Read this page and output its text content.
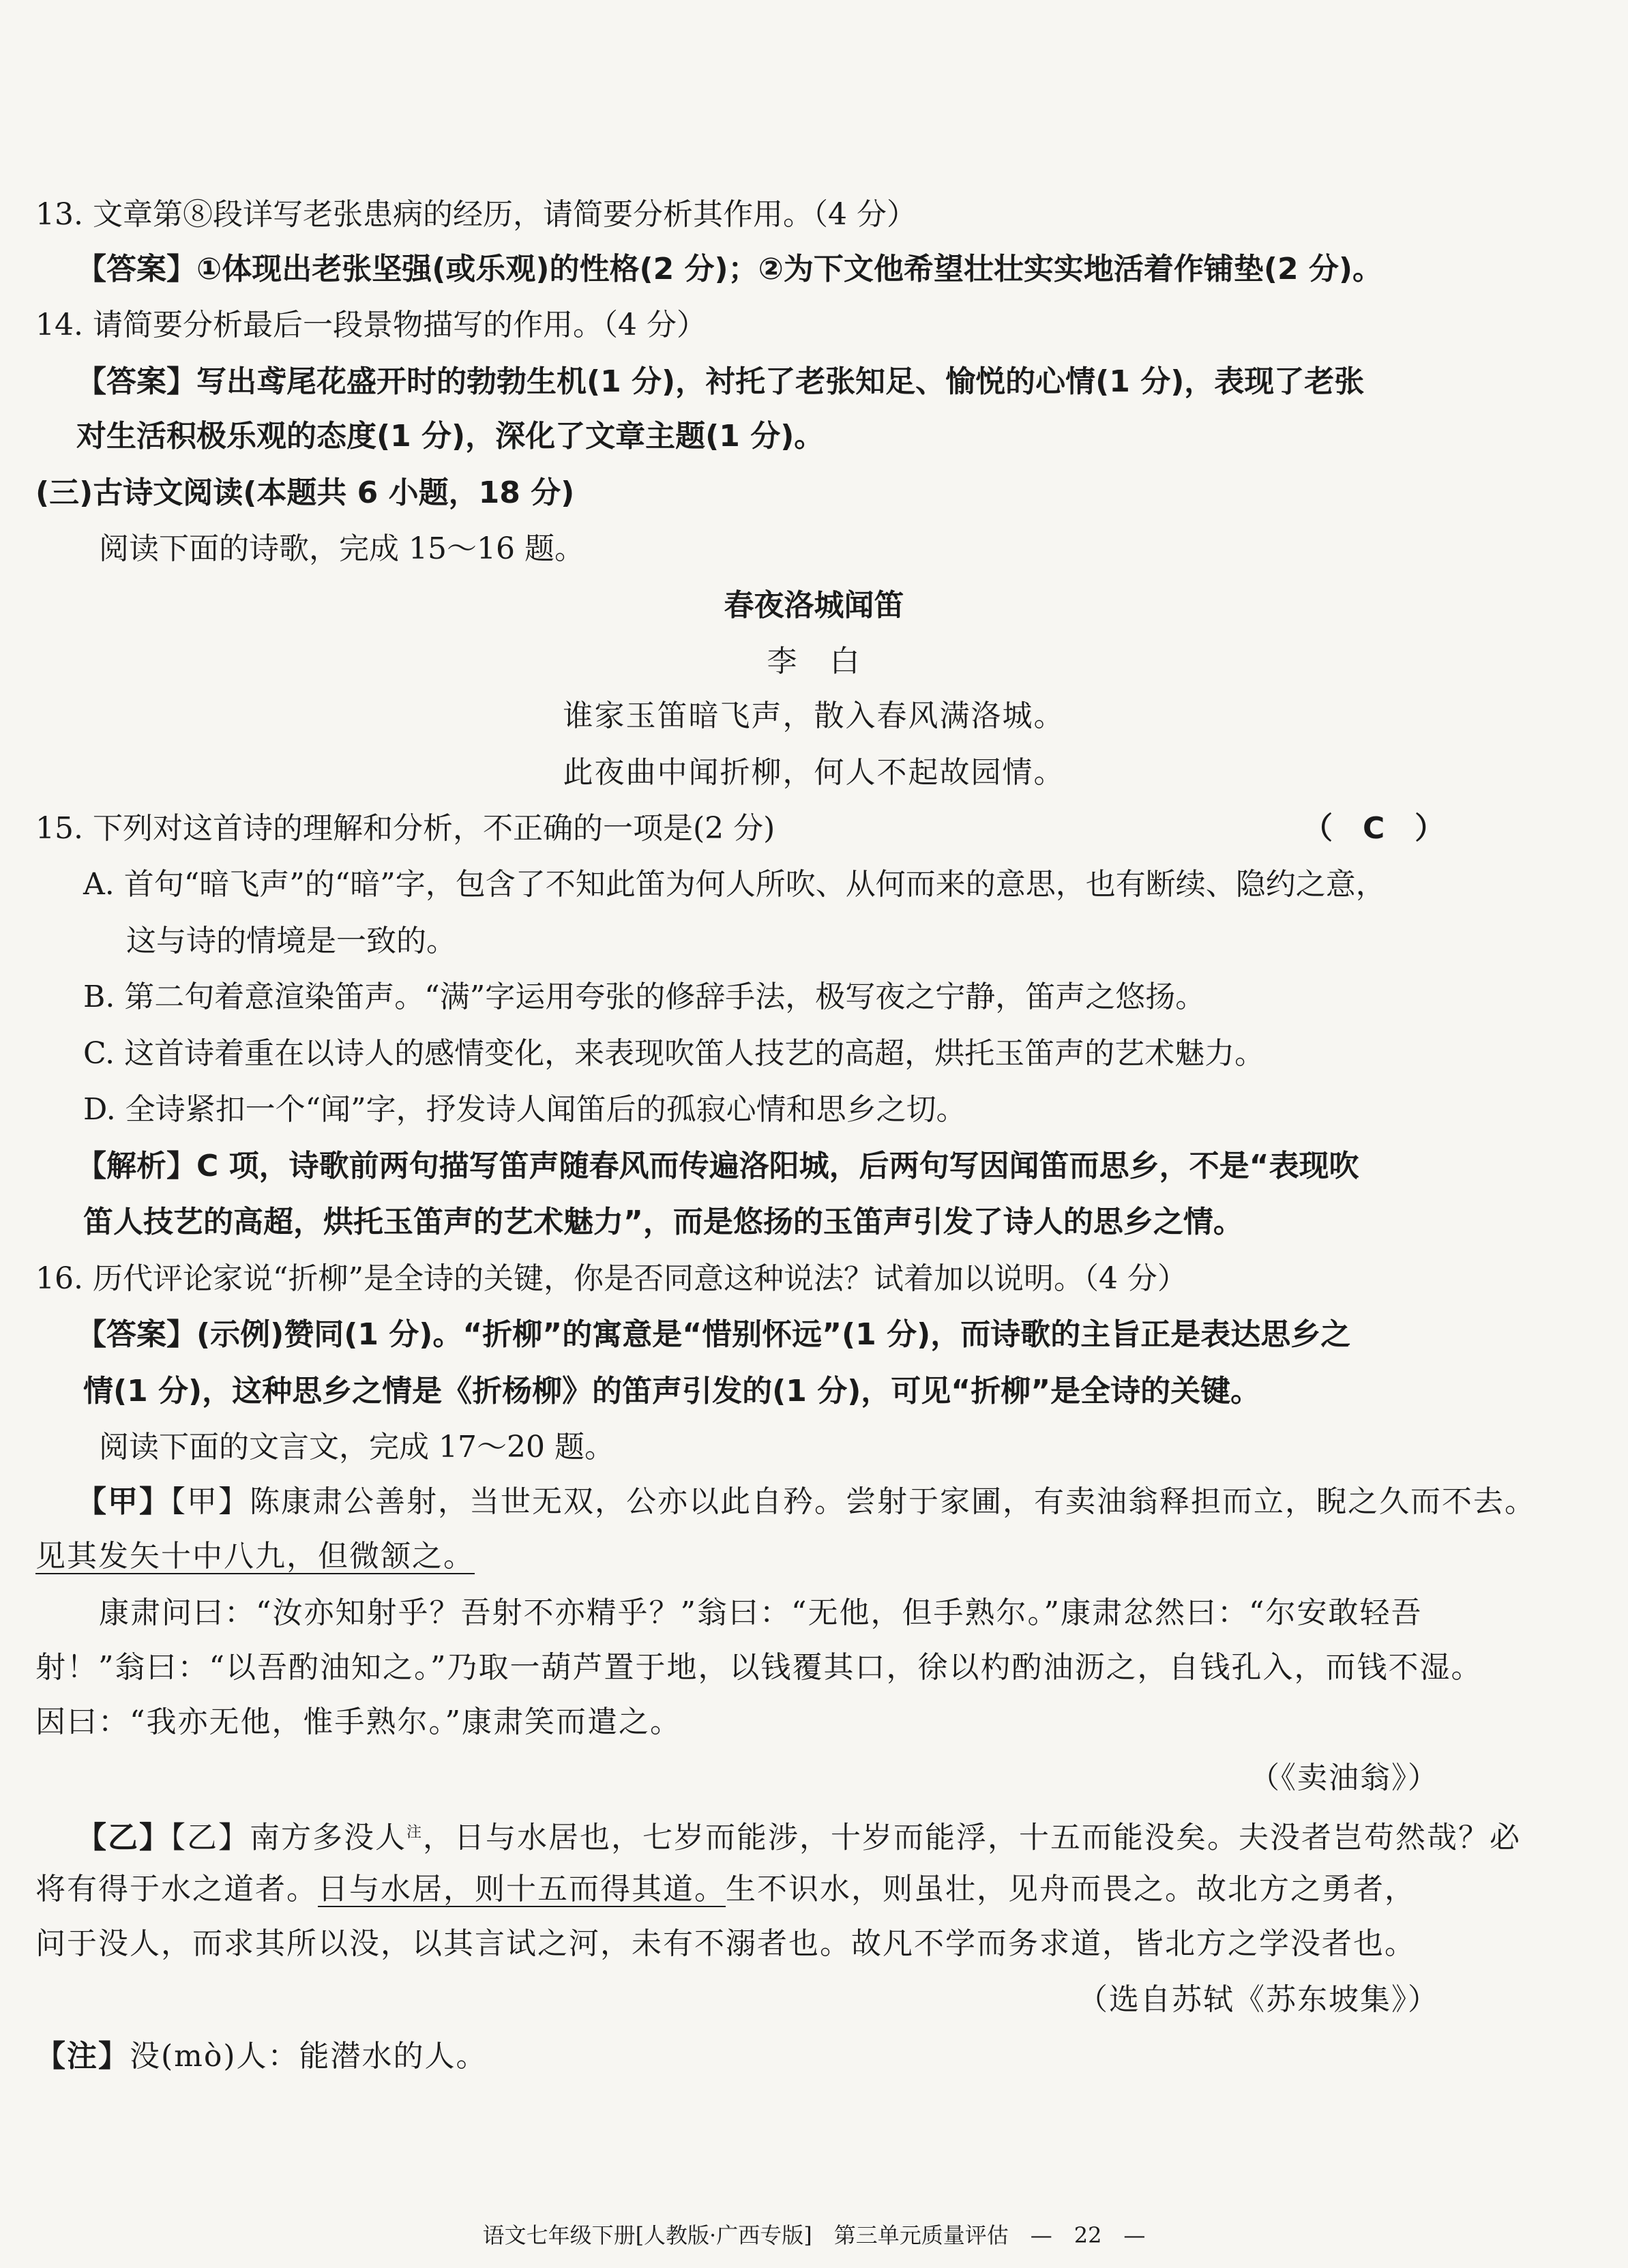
13. 文章第⑧段详写老张患病的经历，请简要分析其作用。（4 分）
【答案】①体现出老张坚强(或乐观)的性格(2 分)；②为下文他希望壮壮实实地活着作铺垫(2 分)。
14. 请简要分析最后一段景物描写的作用。（4 分）
【答案】写出鸢尾花盛开时的勃勃生机(1 分)，衬托了老张知足、愉悦的心情(1 分)，表现了老张
对生活积极乐观的态度(1 分)，深化了文章主题(1 分)。
(三)古诗文阅读(本题共 6 小题，18 分)
阅读下面的诗歌，完成 15～16 题。
春夜洛城闻笛
李　白
谁家玉笛暗飞声，散入春风满洛城。
此夜曲中闻折柳，何人不起故园情。
15. 下列对这首诗的理解和分析，不正确的一项是(2 分)	（　C　）
A. 首句“暗飞声”的“暗”字，包含了不知此笛为何人所吹、从何而来的意思，也有断续、隐约之意，
这与诗的情境是一致的。
B. 第二句着意渲染笛声。“满”字运用夸张的修辞手法，极写夜之宁静，笛声之悠扬。
C. 这首诗着重在以诗人的感情变化，来表现吹笛人技艺的高超，烘托玉笛声的艺术魅力。
D. 全诗紧扣一个“闻”字，抒发诗人闻笛后的孤寂心情和思乡之切。
【解析】C 项，诗歌前两句描写笛声随春风而传遍洛阳城，后两句写因闻笛而思乡，不是“表现吹
笛人技艺的高超，烘托玉笛声的艺术魅力”，而是悠扬的玉笛声引发了诗人的思乡之情。
16. 历代评论家说“折柳”是全诗的关键，你是否同意这种说法？试着加以说明。（4 分）
【答案】(示例)赞同(1 分)。“折柳”的寓意是“惜别怀远”(1 分)，而诗歌的主旨正是表达思乡之
情(1 分)，这种思乡之情是《折杨柳》的笛声引发的(1 分)，可见“折柳”是全诗的关键。
阅读下面的文言文，完成 17～20 题。
【甲】【甲】陈康肃公善射，当世无双，公亦以此自矜。尝射于家圃，有卖油翁释担而立，睨之久而不去。
见其发矢十中八九，但微颔之。
康肃问曰：“汝亦知射乎？吾射不亦精乎？”翁曰：“无他，但手熟尔。”康肃忿然曰：“尔安敢轻吾
射！”翁曰：“以吾酌油知之。”乃取一葫芦置于地，以钱覆其口，徐以杓酌油沥之，自钱孔入，而钱不湿。
因曰：“我亦无他，惟手熟尔。”康肃笑而遣之。
（《卖油翁》）
【乙】【乙】南方多没人$^注$，日与水居也，七岁而能涉，十岁而能浮，十五而能没矣。夫没者岂苟然哉？必
将有得于水之道者。日与水居，则十五而得其道。生不识水，则虽壮，见舟而畏之。故北方之勇者，
问于没人，而求其所以没，以其言试之河，未有不溺者也。故凡不学而务求道，皆北方之学没者也。
（选自苏轼《苏东坡集》）
【注】没(mò)人：能潜水的人。
语文七年级下册[人教版·广西专版]　第三单元质量评估　—　22　—
